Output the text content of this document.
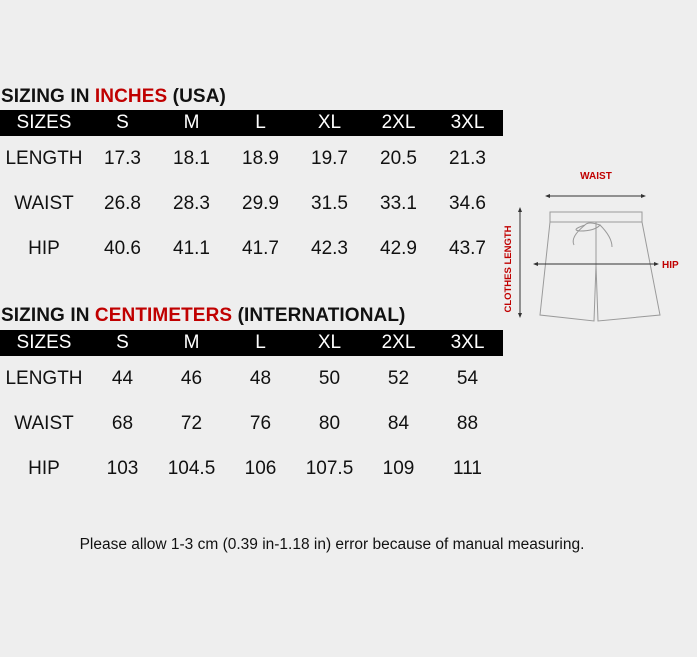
SIZING IN INCHES (USA)
SIZES	S	M	L	XL	2XL	3XL
LENGTH	17.3	18.1	18.9	19.7	20.5	21.3
WAIST	26.8	28.3	29.9	31.5	33.1	34.6
HIP	40.6	41.1	41.7	42.3	42.9	43.7
SIZING IN CENTIMETERS (INTERNATIONAL)
SIZES	S	M	L	XL	2XL	3XL
LENGTH	44	46	48	50	52	54
WAIST	68	72	76	80	84	88
HIP	103	104.5	106	107.5	109	111
WAIST
HIP
CLOTHES LENGTH
Please allow 1-3 cm (0.39 in-1.18 in) error because of manual measuring.
